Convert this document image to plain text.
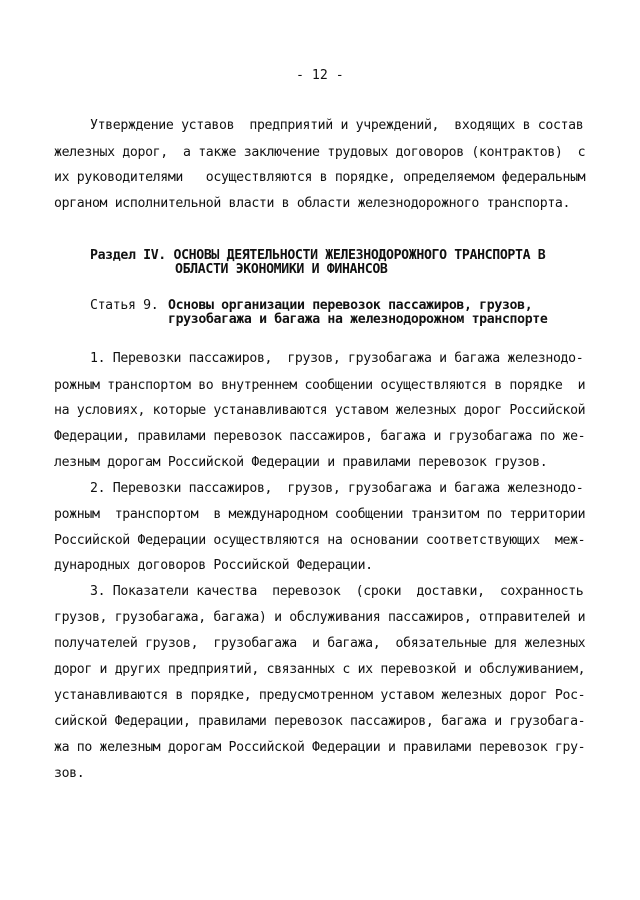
- 12 -
Утверждение уставов  предприятий и учреждений,  входящих в состав
железных дорог,  а также заключение трудовых договоров (контрактов)  с
их руководителями   осуществляются в порядке, определяемом федеральным
органом исполнительной власти в области железнодорожного транспорта.
Раздел IV. ОСНОВЫ ДЕЯТЕЛЬНОСТИ ЖЕЛЕЗНОДОРОЖНОГО ТРАНСПОРТА В
ОБЛАСТИ ЭКОНОМИКИ И ФИНАНСОВ
Статья 9. Основы организации перевозок пассажиров, грузов,
грузобагажа и багажа на железнодорожном транспорте
1. Перевозки пассажиров,  грузов, грузобагажа и багажа железнодо-
рожным транспортом во внутреннем сообщении осуществляются в порядке  и
на условиях, которые устанавливаются уставом железных дорог Российской
Федерации, правилами перевозок пассажиров, багажа и грузобагажа по же-
лезным дорогам Российской Федерации и правилами перевозок грузов.
2. Перевозки пассажиров,  грузов, грузобагажа и багажа железнодо-
рожным  транспортом  в международном сообщении транзитом по территории
Российской Федерации осуществляются на основании соответствующих  меж-
дународных договоров Российской Федерации.
3. Показатели качества  перевозок  (сроки  доставки,  сохранность
грузов, грузобагажа, багажа) и обслуживания пассажиров, отправителей и
получателей грузов,  грузобагажа  и багажа,  обязательные для железных
дорог и других предприятий, связанных с их перевозкой и обслуживанием,
устанавливаются в порядке, предусмотренном уставом железных дорог Рос-
сийской Федерации, правилами перевозок пассажиров, багажа и грузобага-
жа по железным дорогам Российской Федерации и правилами перевозок гру-
зов.
